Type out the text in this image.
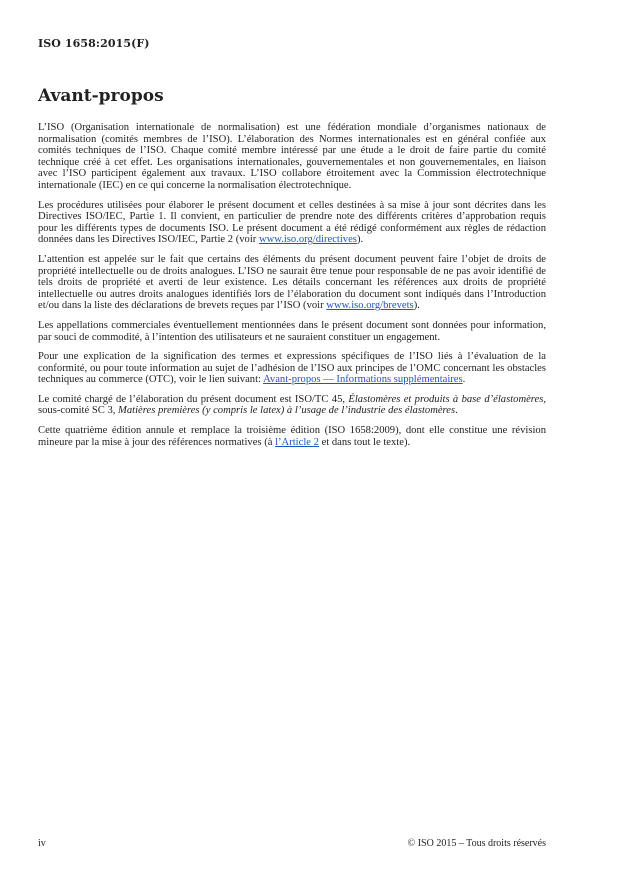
ISO 1658:2015(F)
Avant-propos

L’ISO (Organisation internationale de normalisation) est une fédération mondiale d’organismes nationaux de normalisation (comités membres de l’ISO). L’élaboration des Normes internationales est en général confiée aux comités techniques de l’ISO. Chaque comité membre intéressé par une étude a le droit de faire partie du comité technique créé à cet effet. Les organisations internationales, gouvernementales et non gouvernementales, en liaison avec l’ISO participent également aux travaux. L’ISO collabore étroitement avec la Commission électrotechnique internationale (IEC) en ce qui concerne la normalisation électrotechnique.

Les procédures utilisées pour élaborer le présent document et celles destinées à sa mise à jour sont décrites dans les Directives ISO/IEC, Partie 1. Il convient, en particulier de prendre note des différents critères d’approbation requis pour les différents types de documents ISO. Le présent document a été rédigé conformément aux règles de rédaction données dans les Directives ISO/IEC, Partie 2 (voir www.iso.org/directives).

L’attention est appelée sur le fait que certains des éléments du présent document peuvent faire l’objet de droits de propriété intellectuelle ou de droits analogues. L’ISO ne saurait être tenue pour responsable de ne pas avoir identifié de tels droits de propriété et averti de leur existence. Les détails concernant les références aux droits de propriété intellectuelle ou autres droits analogues identifiés lors de l’élaboration du document sont indiqués dans l’Introduction et/ou dans la liste des déclarations de brevets reçues par l’ISO (voir www.iso.org/brevets).

Les appellations commerciales éventuellement mentionnées dans le présent document sont données pour information, par souci de commodité, à l’intention des utilisateurs et ne sauraient constituer un engagement.

Pour une explication de la signification des termes et expressions spécifiques de l’ISO liés à l’évaluation de la conformité, ou pour toute information au sujet de l’adhésion de l’ISO aux principes de l’OMC concernant les obstacles techniques au commerce (OTC), voir le lien suivant: Avant-propos — Informations supplémentaires.

Le comité chargé de l’élaboration du présent document est ISO/TC 45, Élastomères et produits à base d’élastomères, sous-comité SC 3, Matières premières (y compris le latex) à l’usage de l’industrie des élastomères.

Cette quatrième édition annule et remplace la troisième édition (ISO 1658:2009), dont elle constitue une révision mineure par la mise à jour des références normatives (à l’Article 2 et dans tout le texte).

iv	© ISO 2015 – Tous droits réservés
